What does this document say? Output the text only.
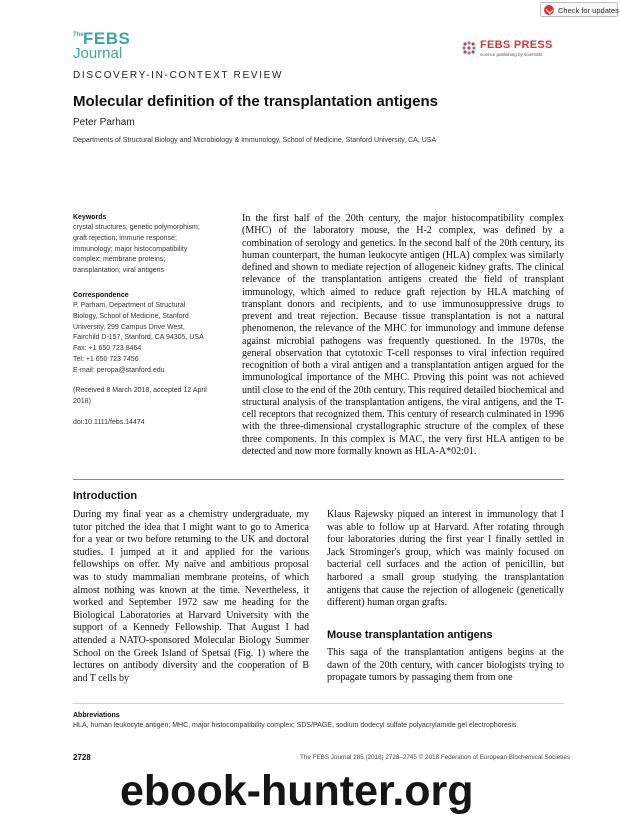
Check for updates
The FEBS
Journal	FEBS PRESS
science publishing by scientists
DISCOVERY-IN-CONTEXT REVIEW
Molecular definition of the transplantation antigens
Peter Parham
Departments of Structural Biology and Microbiology & Immunology, School of Medicine, Stanford University, CA, USA
Keywords
crystal structures; genetic polymorphism;
graft rejection; immune response;
immunology; major histocompatibility
complex; membrane proteins;
transplantation; viral antigens
Correspondence
P. Parham, Department of Structural
Biology, School of Medicine, Stanford
University, 299 Campus Drive West,
Fairchild D-157, Stanford, CA 94305, USA
Fax: +1 650 723 8464
Tel: +1 650 723 7456
E-mail: peropa@stanford.edu
(Received 8 March 2018, accepted 12 April
2018)
doi:10.1111/febs.14474
In the first half of the 20th century, the major histocompatibility complex (MHC) of the laboratory mouse, the H-2 complex, was defined by a combination of serology and genetics. In the second half of the 20th century, its human counterpart, the human leukocyte antigen (HLA) complex was similarly defined and shown to mediate rejection of allogeneic kidney grafts. The clinical relevance of the transplantation antigens created the field of transplant immunology, which aimed to reduce graft rejection by HLA matching of transplant donors and recipients, and to use immunosuppressive drugs to prevent and treat rejection. Because tissue transplantation is not a natural phenomenon, the relevance of the MHC for immunology and immune defense against microbial pathogens was frequently questioned. In the 1970s, the general observation that cytotoxic T-cell responses to viral infection required recognition of both a viral antigen and a transplantation antigen argued for the immunological importance of the MHC. Proving this point was not achieved until close to the end of the 20th century. This required detailed biochemical and structural analysis of the transplantation antigens, the viral antigens, and the T-cell receptors that recognized them. This century of research culminated in 1996 with the three-dimensional crystallographic structure of the complex of these three components. In this complex is MAC, the very first HLA antigen to be detected and now more formally known as HLA-A*02:01.
Introduction
During my final year as a chemistry undergraduate, my tutor pitched the idea that I might want to go to America for a year or two before returning to the UK and doctoral studies. I jumped at it and applied for the various fellowships on offer. My naïve and ambitious proposal was to study mammalian membrane proteins, of which almost nothing was known at the time. Nevertheless, it worked and September 1972 saw me heading for the Biological Laboratories at Harvard University with the support of a Kennedy Fellowship. That August I had attended a NATO-sponsored Molecular Biology Summer School on the Greek Island of Spetsai (Fig. 1) where the lectures on antibody diversity and the cooperation of B and T cells by
Klaus Rajewsky piqued an interest in immunology that I was able to follow up at Harvard. After rotating through four laboratories during the first year I finally settled in Jack Strominger's group, which was mainly focused on bacterial cell surfaces and the action of penicillin, but harbored a small group studying the transplantation antigens that cause the rejection of allogeneic (genetically different) human organ grafts.
Mouse transplantation antigens
This saga of the transplantation antigens begins at the dawn of the 20th century, with cancer biologists trying to propagate tumors by passaging them from one
Abbreviations
HLA, human leukocyte antigen; MHC, major histocompatibility complex; SDS/PAGE, sodium dodecyl sulfate polyacrylamide gel electrophoresis.
2728	The FEBS Journal 285 (2018) 2728–2745 © 2018 Federation of European Biochemical Societies
ebook-hunter.org
